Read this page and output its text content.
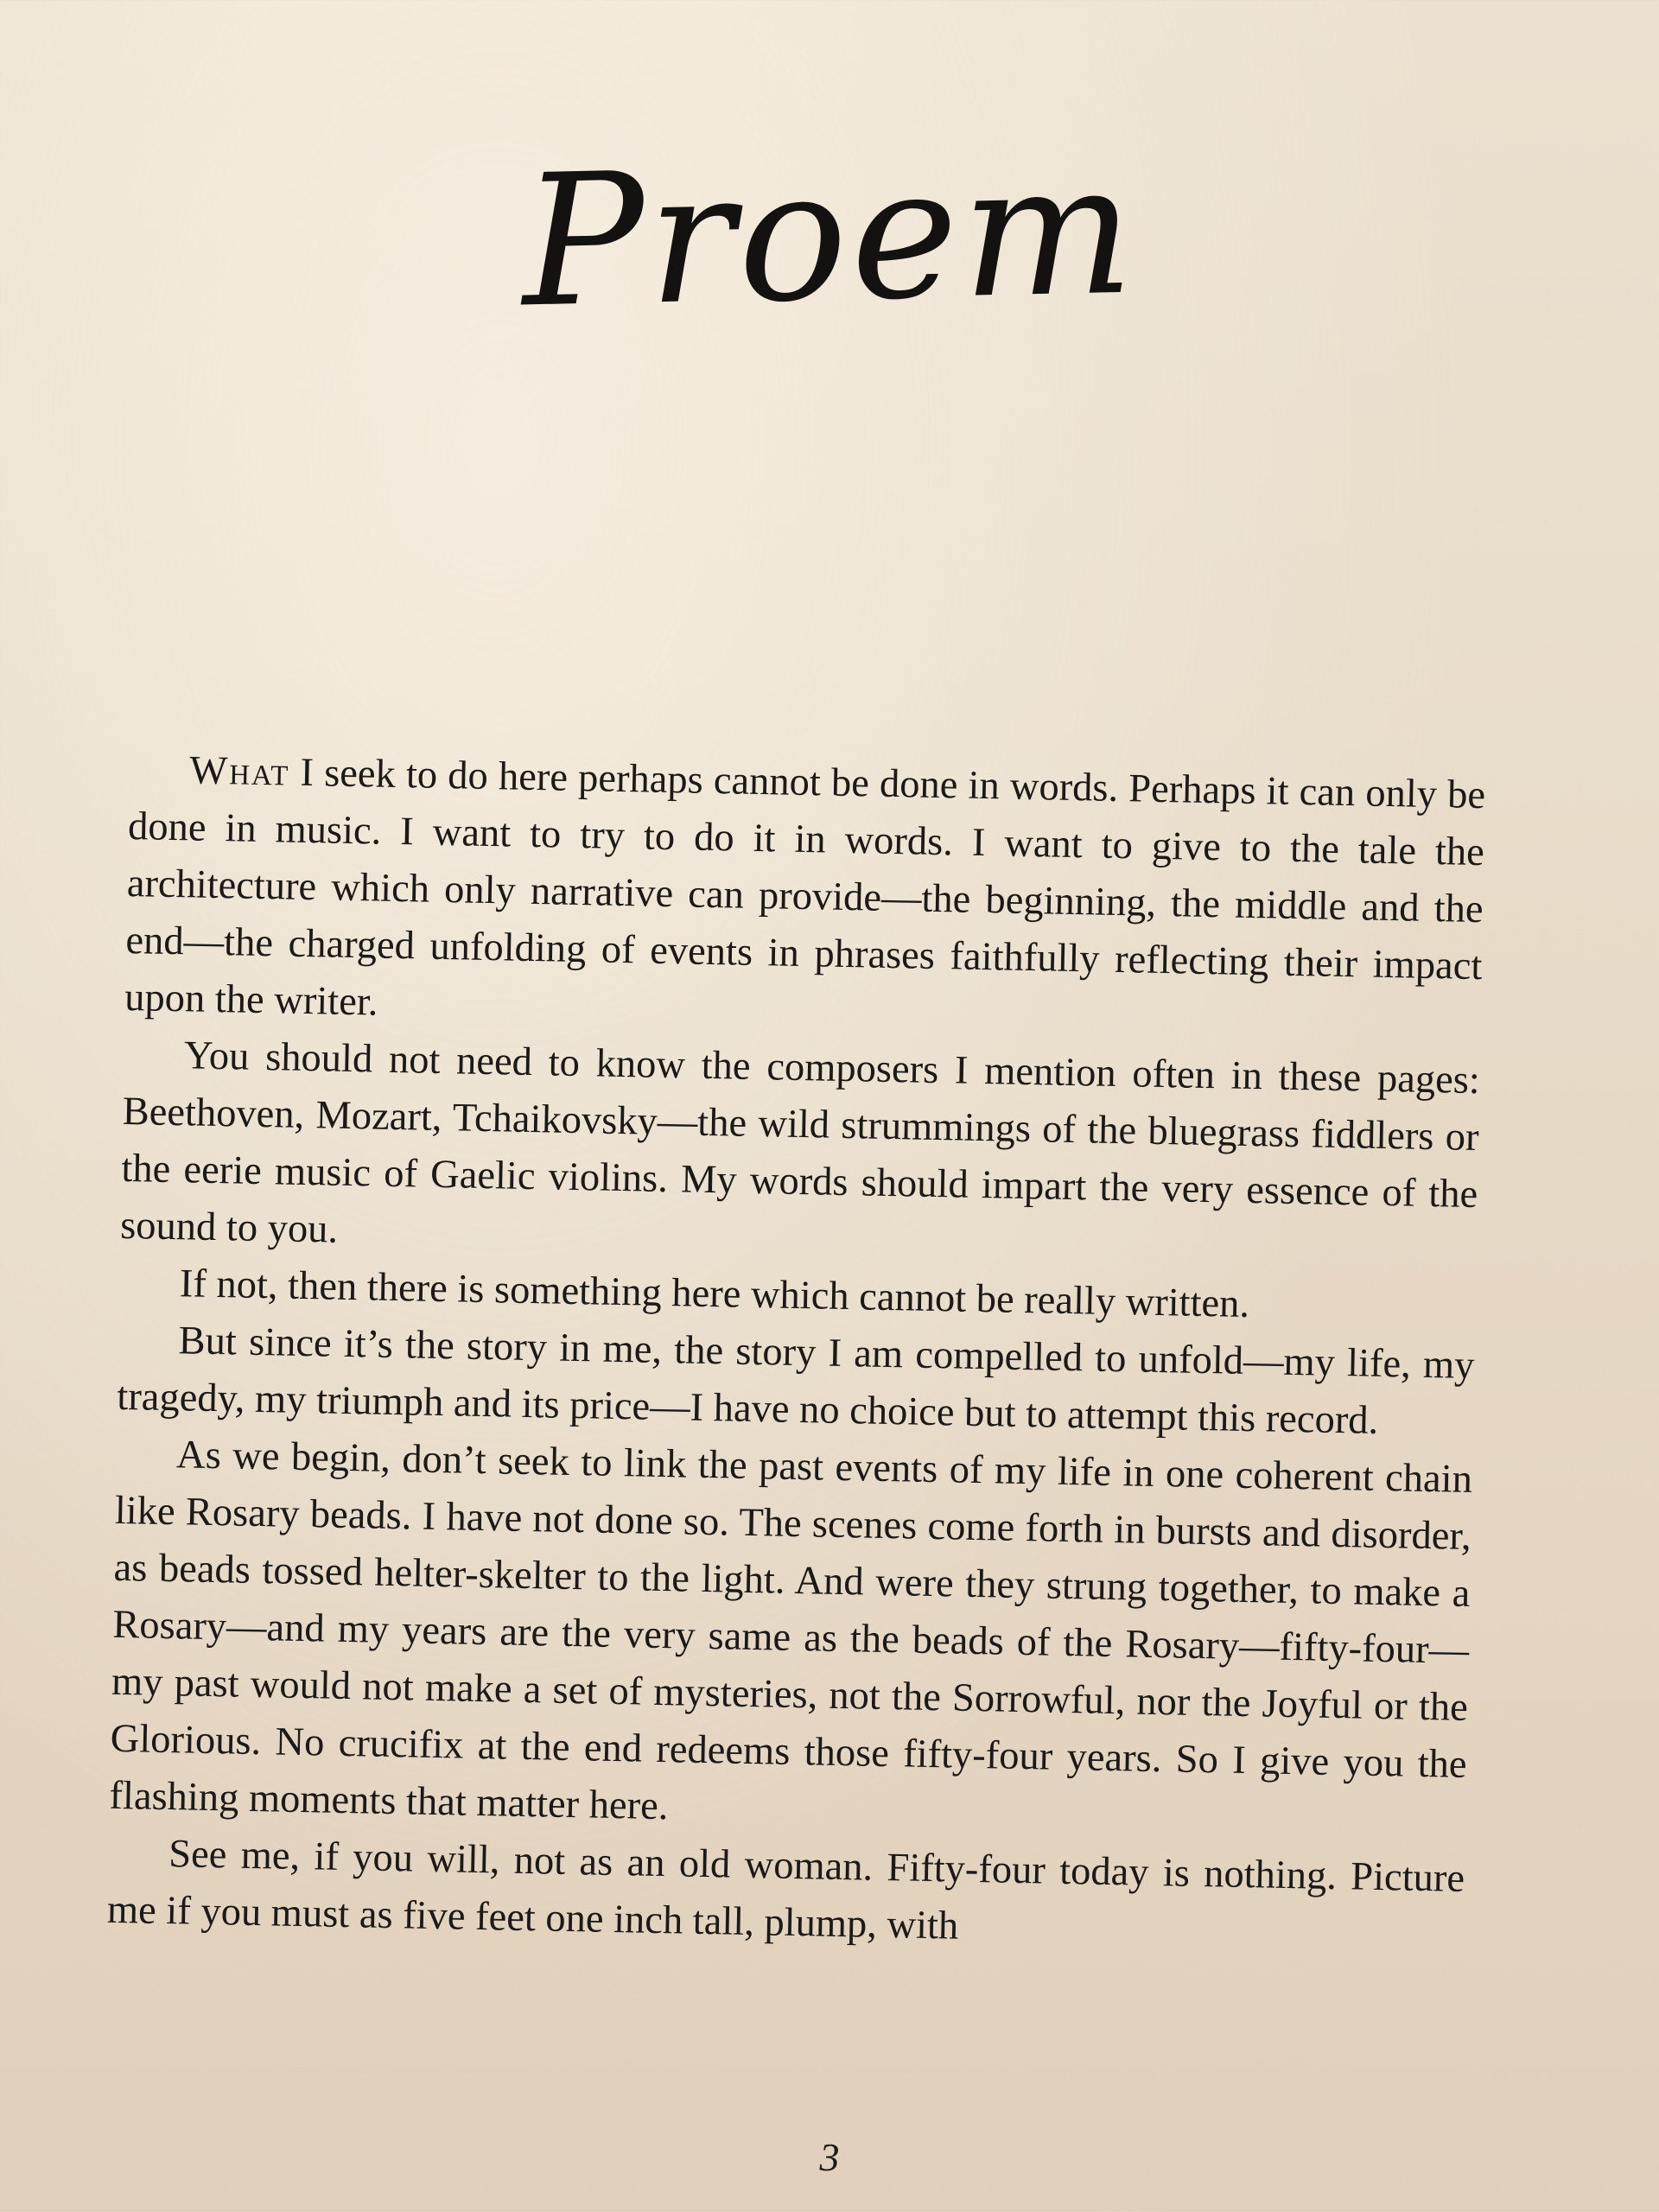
Proem

What I seek to do here perhaps cannot be done in words. Perhaps it can only be done in music. I want to try to do it in words. I want to give to the tale the architecture which only narrative can provide—the beginning, the middle and the end—the charged unfolding of events in phrases faithfully reflecting their impact upon the writer.

You should not need to know the composers I mention often in these pages: Beethoven, Mozart, Tchaikovsky—the wild strummings of the bluegrass fiddlers or the eerie music of Gaelic violins. My words should impart the very essence of the sound to you.

If not, then there is something here which cannot be really written.

But since it’s the story in me, the story I am compelled to unfold—my life, my tragedy, my triumph and its price—I have no choice but to attempt this record.

As we begin, don’t seek to link the past events of my life in one coherent chain like Rosary beads. I have not done so. The scenes come forth in bursts and disorder, as beads tossed helter-skelter to the light. And were they strung together, to make a Rosary—and my years are the very same as the beads of the Rosary—fifty-four—my past would not make a set of mysteries, not the Sorrowful, nor the Joyful or the Glorious. No crucifix at the end redeems those fifty-four years. So I give you the flashing moments that matter here.

See me, if you will, not as an old woman. Fifty-four today is nothing. Picture me if you must as five feet one inch tall, plump, with

3
